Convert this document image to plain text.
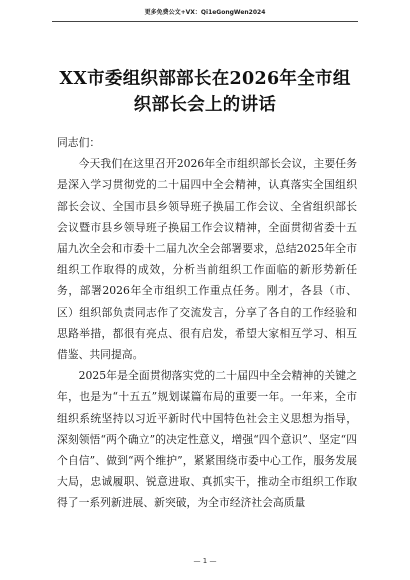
更多免费公文+VX：Qi1eGongWen2024
XX市委组织部部长在2026年全市组织部长会上的讲话

同志们：

今天我们在这里召开2026年全市组织部长会议，主要任务是深入学习贯彻党的二十届四中全会精神，认真落实全国组织部长会议、全国市县乡领导班子换届工作会议、全省组织部长会议暨市县乡领导班子换届工作会议精神，全面贯彻省委十五届九次全会和市委十二届九次全会部署要求，总结2025年全市组织工作取得的成效，分析当前组织工作面临的新形势新任务，部署2026年全市组织工作重点任务。刚才，各县（市、区）组织部负责同志作了交流发言，分享了各自的工作经验和思路举措，都很有亮点、很有启发，希望大家相互学习、相互借鉴、共同提高。

2025年是全面贯彻落实党的二十届四中全会精神的关键之年，也是为“十五五”规划谋篇布局的重要一年。一年来，全市组织系统坚持以习近平新时代中国特色社会主义思想为指导，深刻领悟“两个确立”的决定性意义，增强“四个意识”、坚定“四个自信”、做到“两个维护”，紧紧围绕市委中心工作，服务发展大局，忠诚履职、锐意进取、真抓实干，推动全市组织工作取得了一系列新进展、新突破，为全市经济社会高质量

— 1 —
